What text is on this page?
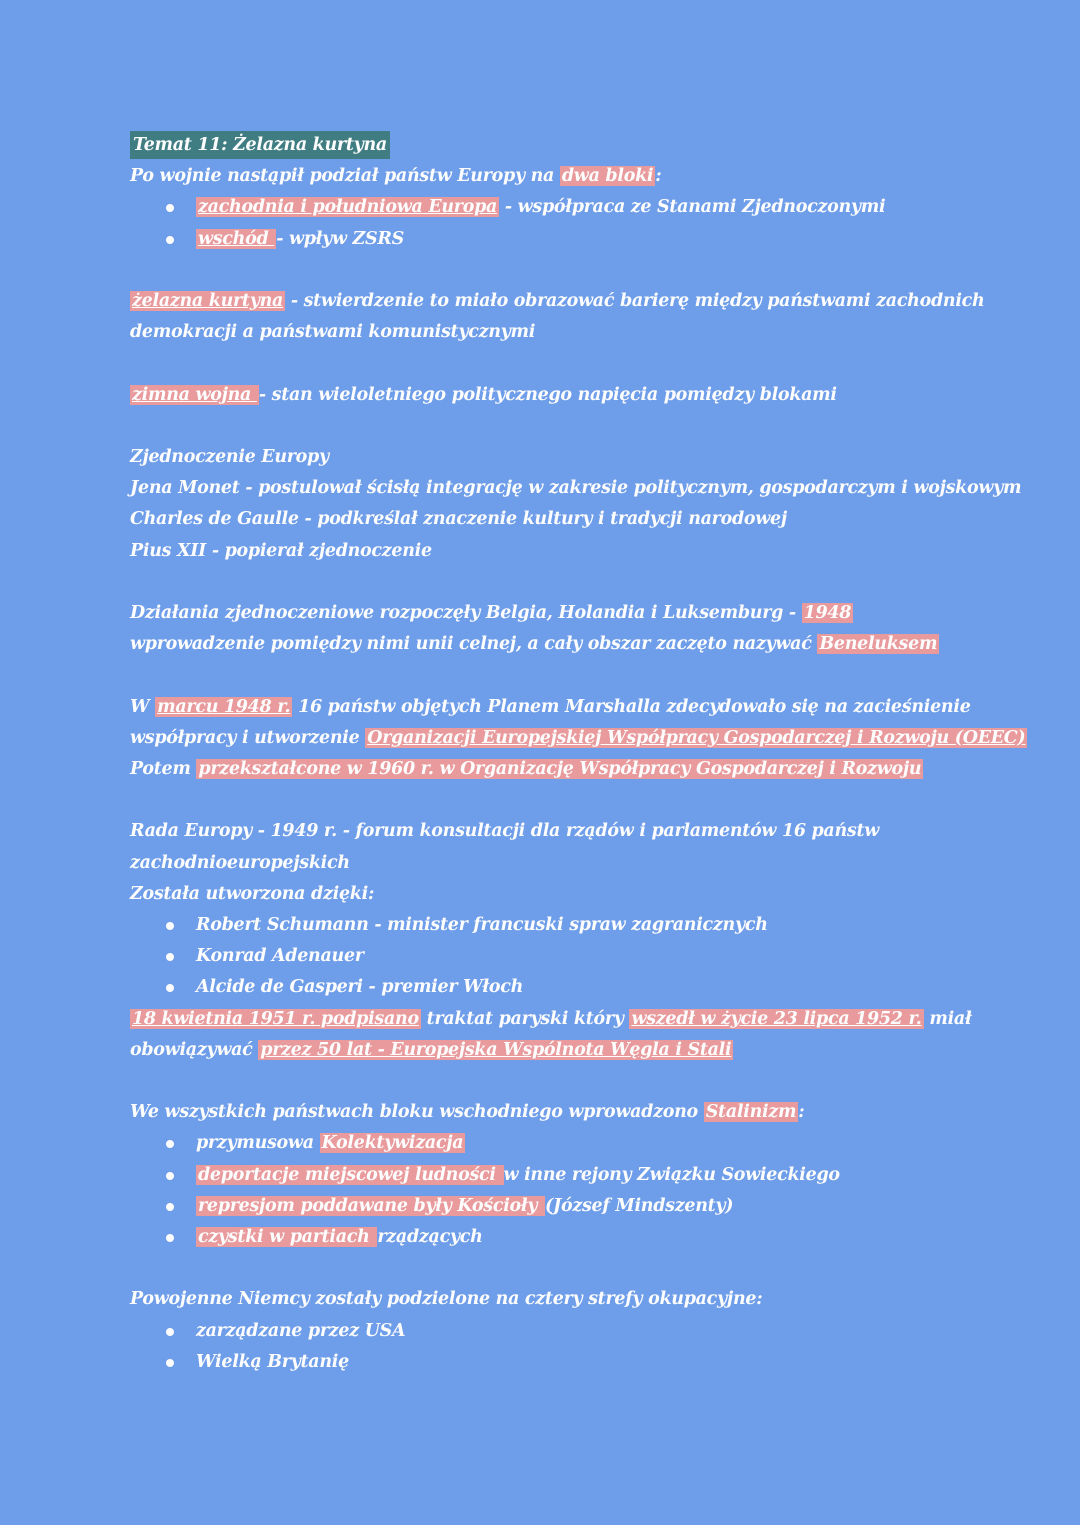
Temat 11: Żelazna kurtyna
Po wojnie nastąpił podział państw Europy na dwa bloki :
zachodnia i południowa Europa - współpraca ze Stanami Zjednoczonymi
wschód - wpływ ZSRS
żelazna kurtyna - stwierdzenie to miało obrazować barierę między państwami zachodnich
demokracji a państwami komunistycznymi
zimna wojna - stan wieloletniego politycznego napięcia pomiędzy blokami
Zjednoczenie Europy
Jena Monet - postulował ścisłą integrację w zakresie politycznym, gospodarczym i wojskowym
Charles de Gaulle - podkreślał znaczenie kultury i tradycji narodowej
Pius XII - popierał zjednoczenie
Działania zjednoczeniowe rozpoczęły Belgia, Holandia i Luksemburg - 1948
wprowadzenie pomiędzy nimi unii celnej, a cały obszar zaczęto nazywać Beneluksem
W marcu 1948 r. 16 państw objętych Planem Marshalla zdecydowało się na zacieśnienie
współpracy i utworzenie Organizacji Europejskiej Współpracy Gospodarczej i Rozwoju (OEEC)
Potem przekształcone w 1960 r. w Organizację Współpracy Gospodarczej i Rozwoju
Rada Europy - 1949 r. - forum konsultacji dla rządów i parlamentów 16 państw
zachodnioeuropejskich
Została utworzona dzięki:
Robert Schumann - minister francuski spraw zagranicznych
Konrad Adenauer
Alcide de Gasperi - premier Włoch
18 kwietnia 1951 r. podpisano traktat paryski który wszedł w życie 23 lipca 1952 r. miał
obowiązywać przez 50 lat - Europejska Wspólnota Węgla i Stali
We wszystkich państwach bloku wschodniego wprowadzono Stalinizm :
przymusowa Kolektywizacja
deportacje miejscowej ludności w inne rejony Związku Sowieckiego
represjom poddawane były Kościoły (József Mindszenty)
czystki w partiach rządzących
Powojenne Niemcy zostały podzielone na cztery strefy okupacyjne:
zarządzane przez USA
Wielką Brytanię
